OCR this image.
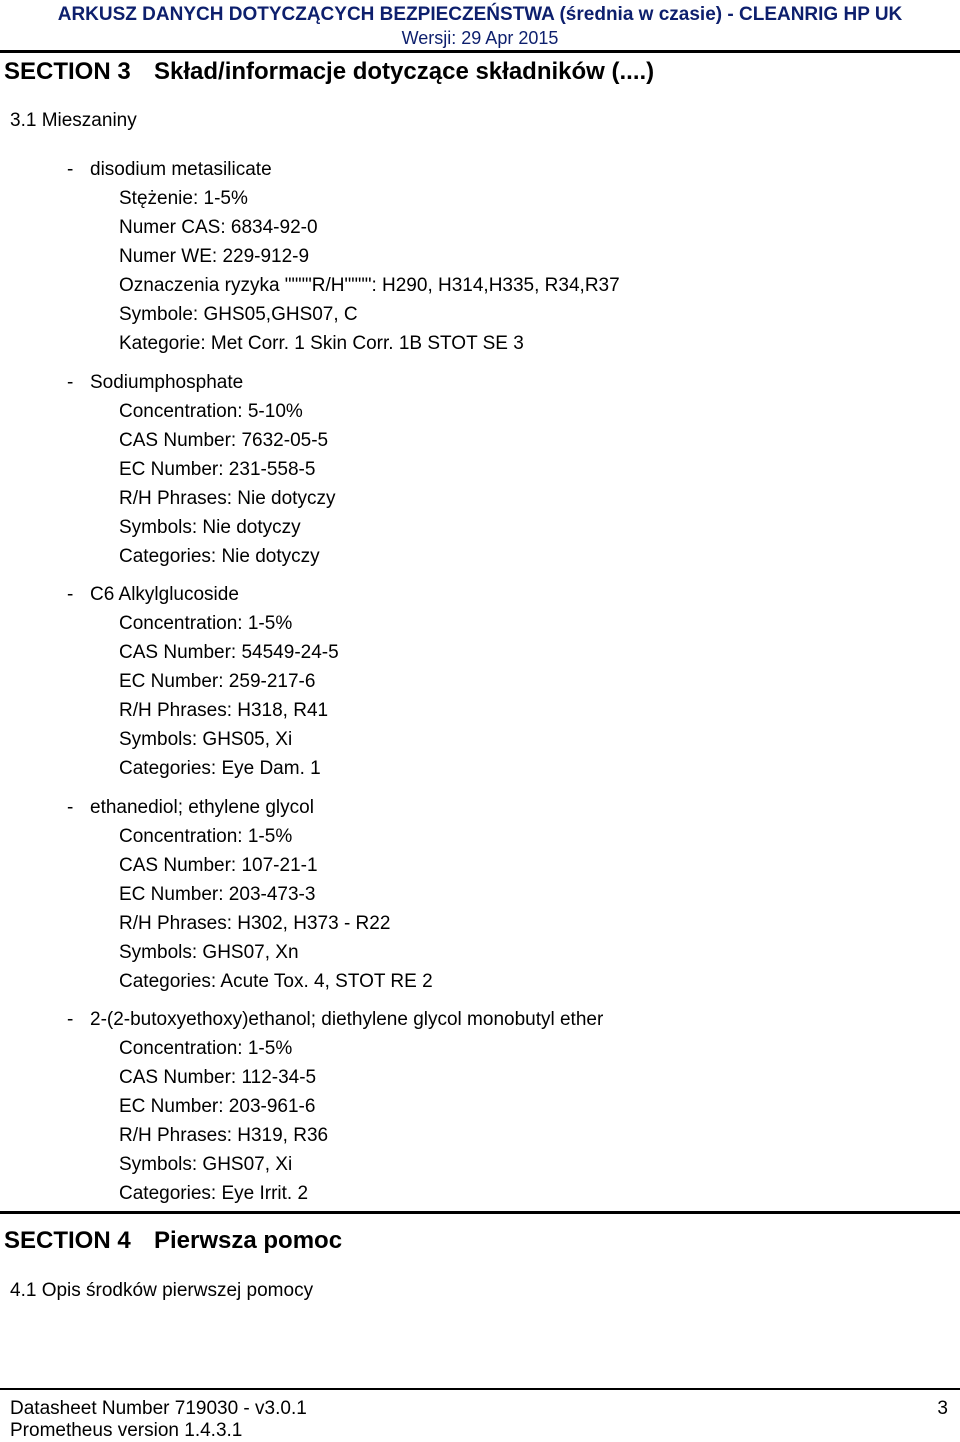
ARKUSZ DANYCH DOTYCZĄCYCH BEZPIECZEŃSTWA (średnia w czasie) - CLEANRIG HP UK
Wersji: 29 Apr 2015
SECTION 3 Skład/informacje dotyczące składników (....)
3.1 Mieszaniny
- disodium metasilicate
Stężenie: 1-5%
Numer CAS: 6834-92-0
Numer WE: 229-912-9
Oznaczenia ryzyka """"R/H"""": H290, H314,H335, R34,R37
Symbole: GHS05,GHS07, C
Kategorie: Met Corr. 1 Skin Corr. 1B STOT SE 3
- Sodiumphosphate
Concentration: 5-10%
CAS Number: 7632-05-5
EC Number: 231-558-5
R/H Phrases: Nie dotyczy
Symbols: Nie dotyczy
Categories: Nie dotyczy
- C6 Alkylglucoside
Concentration: 1-5%
CAS Number: 54549-24-5
EC Number: 259-217-6
R/H Phrases: H318, R41
Symbols: GHS05, Xi
Categories: Eye Dam. 1
- ethanediol; ethylene glycol
Concentration: 1-5%
CAS Number: 107-21-1
EC Number: 203-473-3
R/H Phrases: H302, H373 - R22
Symbols: GHS07, Xn
Categories: Acute Tox. 4, STOT RE 2
- 2-(2-butoxyethoxy)ethanol; diethylene glycol monobutyl ether
Concentration: 1-5%
CAS Number: 112-34-5
EC Number: 203-961-6
R/H Phrases: H319, R36
Symbols: GHS07, Xi
Categories: Eye Irrit. 2
SECTION 4 Pierwsza pomoc
4.1 Opis środków pierwszej pomocy
Datasheet Number 719030 - v3.0.1
Prometheus version 1.4.3.1
3
